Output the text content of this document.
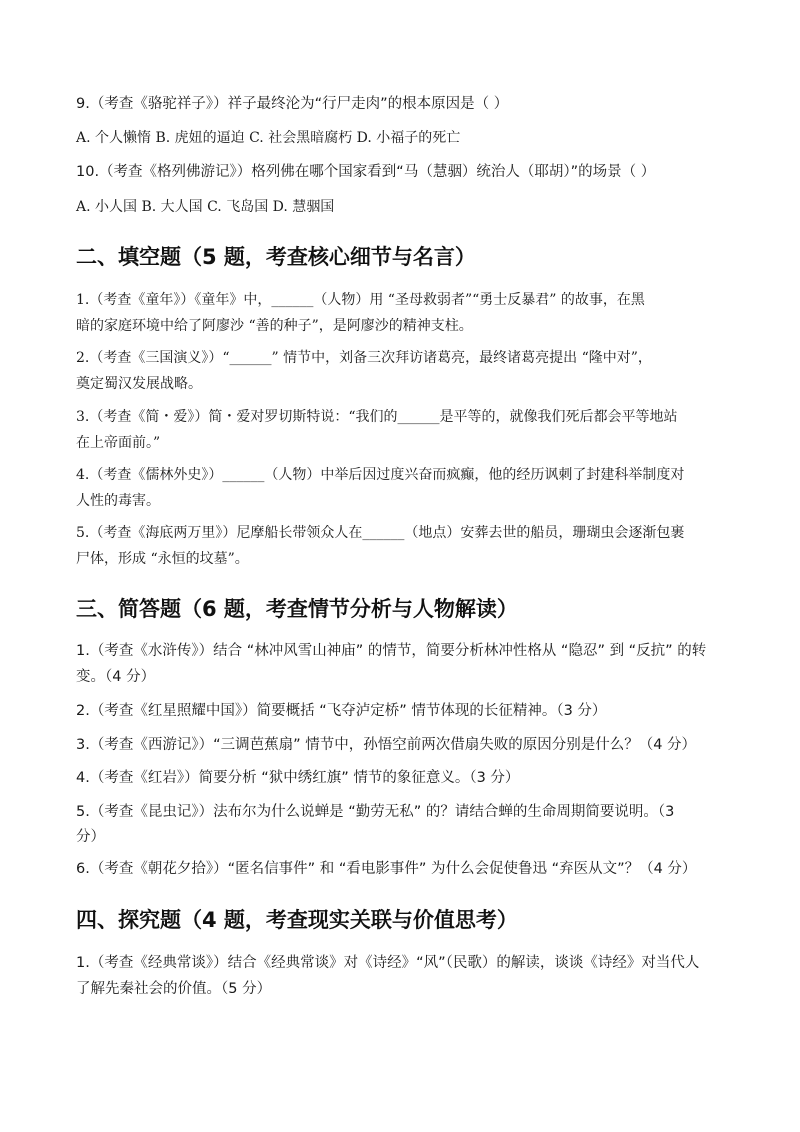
9.（考查《骆驼祥子》）祥子最终沦为“行尸走肉”的根本原因是（ ）
A. 个人懒惰 B. 虎妞的逼迫 C. 社会黑暗腐朽 D. 小福子的死亡
10.（考查《格列佛游记》）格列佛在哪个国家看到“马（慧骃）统治人（耶胡）”的场景（ ）
A. 小人国 B. 大人国 C. 飞岛国 D. 慧骃国
二、填空题（5 题，考查核心细节与名言）
1.（考查《童年》）《童年》中，______（人物）用 “圣母救弱者”“勇士反暴君” 的故事，在黑
暗的家庭环境中给了阿廖沙 “善的种子”，是阿廖沙的精神支柱。
2.（考查《三国演义》）“______” 情节中，刘备三次拜访诸葛亮，最终诸葛亮提出 “隆中对”，
奠定蜀汉发展战略。
3.（考查《简・爱》）简・爱对罗切斯特说：“我们的______是平等的，就像我们死后都会平等地站
在上帝面前。”
4.（考查《儒林外史》）______（人物）中举后因过度兴奋而疯癫，他的经历讽刺了封建科举制度对
人性的毒害。
5.（考查《海底两万里》）尼摩船长带领众人在______（地点）安葬去世的船员，珊瑚虫会逐渐包裹
尸体，形成 “永恒的坟墓”。
三、简答题（6 题，考查情节分析与人物解读）
1.（考查《水浒传》）结合 “林冲风雪山神庙” 的情节，简要分析林冲性格从 “隐忍” 到 “反抗” 的转
变。（4 分）
2.（考查《红星照耀中国》）简要概括 “飞夺泸定桥” 情节体现的长征精神。（3 分）
3.（考查《西游记》）“三调芭蕉扇” 情节中，孙悟空前两次借扇失败的原因分别是什么？（4 分）
4.（考查《红岩》）简要分析 “狱中绣红旗” 情节的象征意义。（3 分）
5.（考查《昆虫记》）法布尔为什么说蝉是 “勤劳无私” 的？请结合蝉的生命周期简要说明。（3
分）
6.（考查《朝花夕拾》）“匿名信事件” 和 “看电影事件” 为什么会促使鲁迅 “弃医从文”？（4 分）
四、探究题（4 题，考查现实关联与价值思考）
1.（考查《经典常谈》）结合《经典常谈》对《诗经》“风”（民歌）的解读，谈谈《诗经》对当代人
了解先秦社会的价值。（5 分）
